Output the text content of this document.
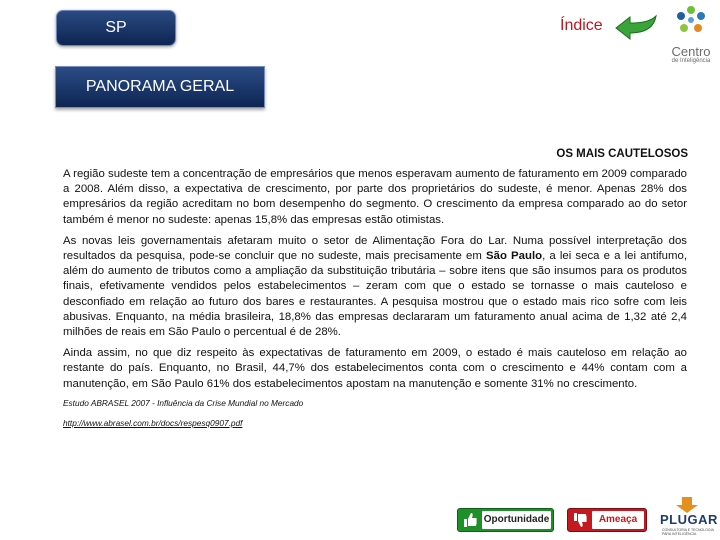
SP	Índice
Centro
de Inteligência
PANORAMA GERAL
OS MAIS CAUTELOSOS

A região sudeste tem a concentração de empresários que menos esperavam aumento de faturamento em 2009 comparado a 2008. Além disso, a expectativa de crescimento, por parte dos proprietários do sudeste, é menor. Apenas 28% dos empresários da região acreditam no bom desempenho do segmento. O crescimento da empresa comparado ao do setor também é menor no sudeste: apenas 15,8% das empresas estão otimistas.

As novas leis governamentais afetaram muito o setor de Alimentação Fora do Lar. Numa possível interpretação dos resultados da pesquisa, pode-se concluir que no sudeste, mais precisamente em São Paulo, a lei seca e a lei antifumo, além do aumento de tributos como a ampliação da substituição tributária – sobre itens que são insumos para os produtos finais, efetivamente vendidos pelos estabelecimentos – zeram com que o estado se tornasse o mais cauteloso e desconfiado em relação ao futuro dos bares e restaurantes. A pesquisa mostrou que o estado mais rico sofre com leis abusivas. Enquanto, na média brasileira, 18,8% das empresas declararam um faturamento anual acima de 1,32 até 2,4 milhões de reais em São Paulo o percentual é de 28%.

Ainda assim, no que diz respeito às expectativas de faturamento em 2009, o estado é mais cauteloso em relação ao restante do país. Enquanto, no Brasil, 44,7% dos estabelecimentos conta com o crescimento e 44% contam com a manutenção, em São Paulo 61% dos estabelecimentos apostam na manutenção e somente 31% no crescimento.

Estudo ABRASEL 2007 - Influência da Crise Mundial no Mercado

http://www.abrasel.com.br/docs/respesq0907.pdf
Oportunidade	Ameaça	PLUGAR
CONSULTORIA E TECNOLOGIA PARA INTELIGÊNCIA
